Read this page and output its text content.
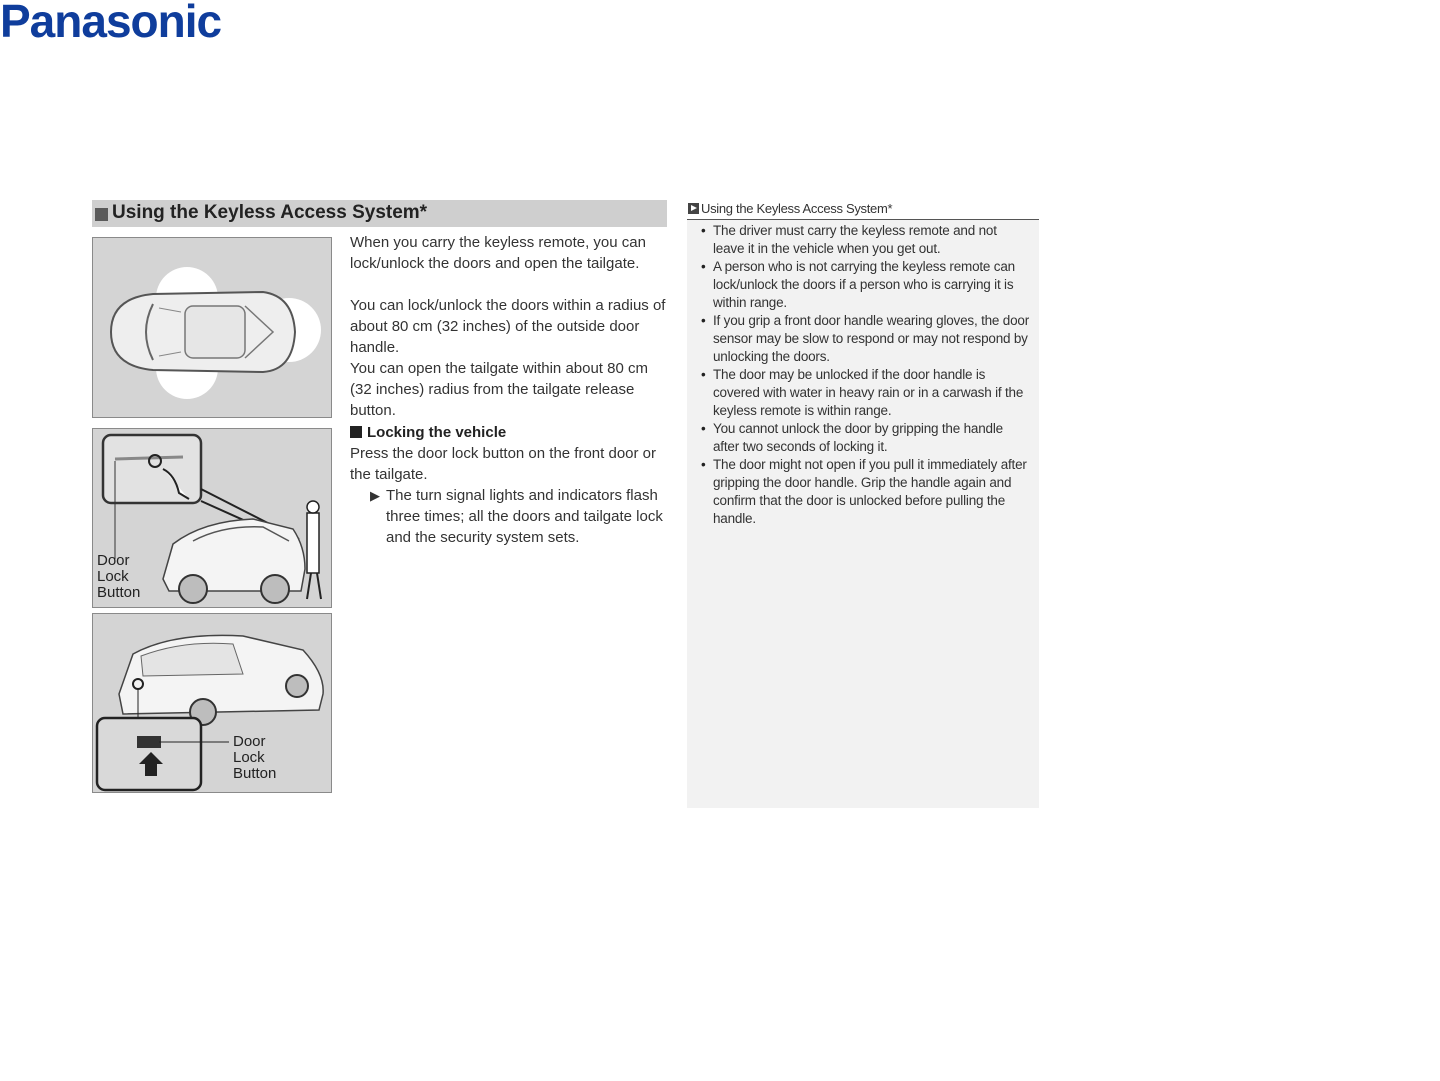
Panasonic
Using the Keyless Access System*
Door
Lock
Button
Door
Lock
Button

When you carry the keyless remote, you can lock/unlock the doors and open the tailgate.

You can lock/unlock the doors within a radius of about 80 cm (32 inches) of the outside door handle.

You can open the tailgate within about 80 cm (32 inches) radius from the tailgate release button.

Locking the vehicle

Press the door lock button on the front door or the tailgate.

▶ The turn signal lights and indicators flash three times; all the doors and tailgate lock and the security system sets.
Using the Keyless Access System*
• The driver must carry the keyless remote and not leave it in the vehicle when you get out.
• A person who is not carrying the keyless remote can lock/unlock the doors if a person who is carrying it is within range.
• If you grip a front door handle wearing gloves, the door sensor may be slow to respond or may not respond by unlocking the doors.
• The door may be unlocked if the door handle is covered with water in heavy rain or in a carwash if the keyless remote is within range.
• You cannot unlock the door by gripping the handle after two seconds of locking it.
• The door might not open if you pull it immediately after gripping the door handle. Grip the handle again and confirm that the door is unlocked before pulling the handle.
